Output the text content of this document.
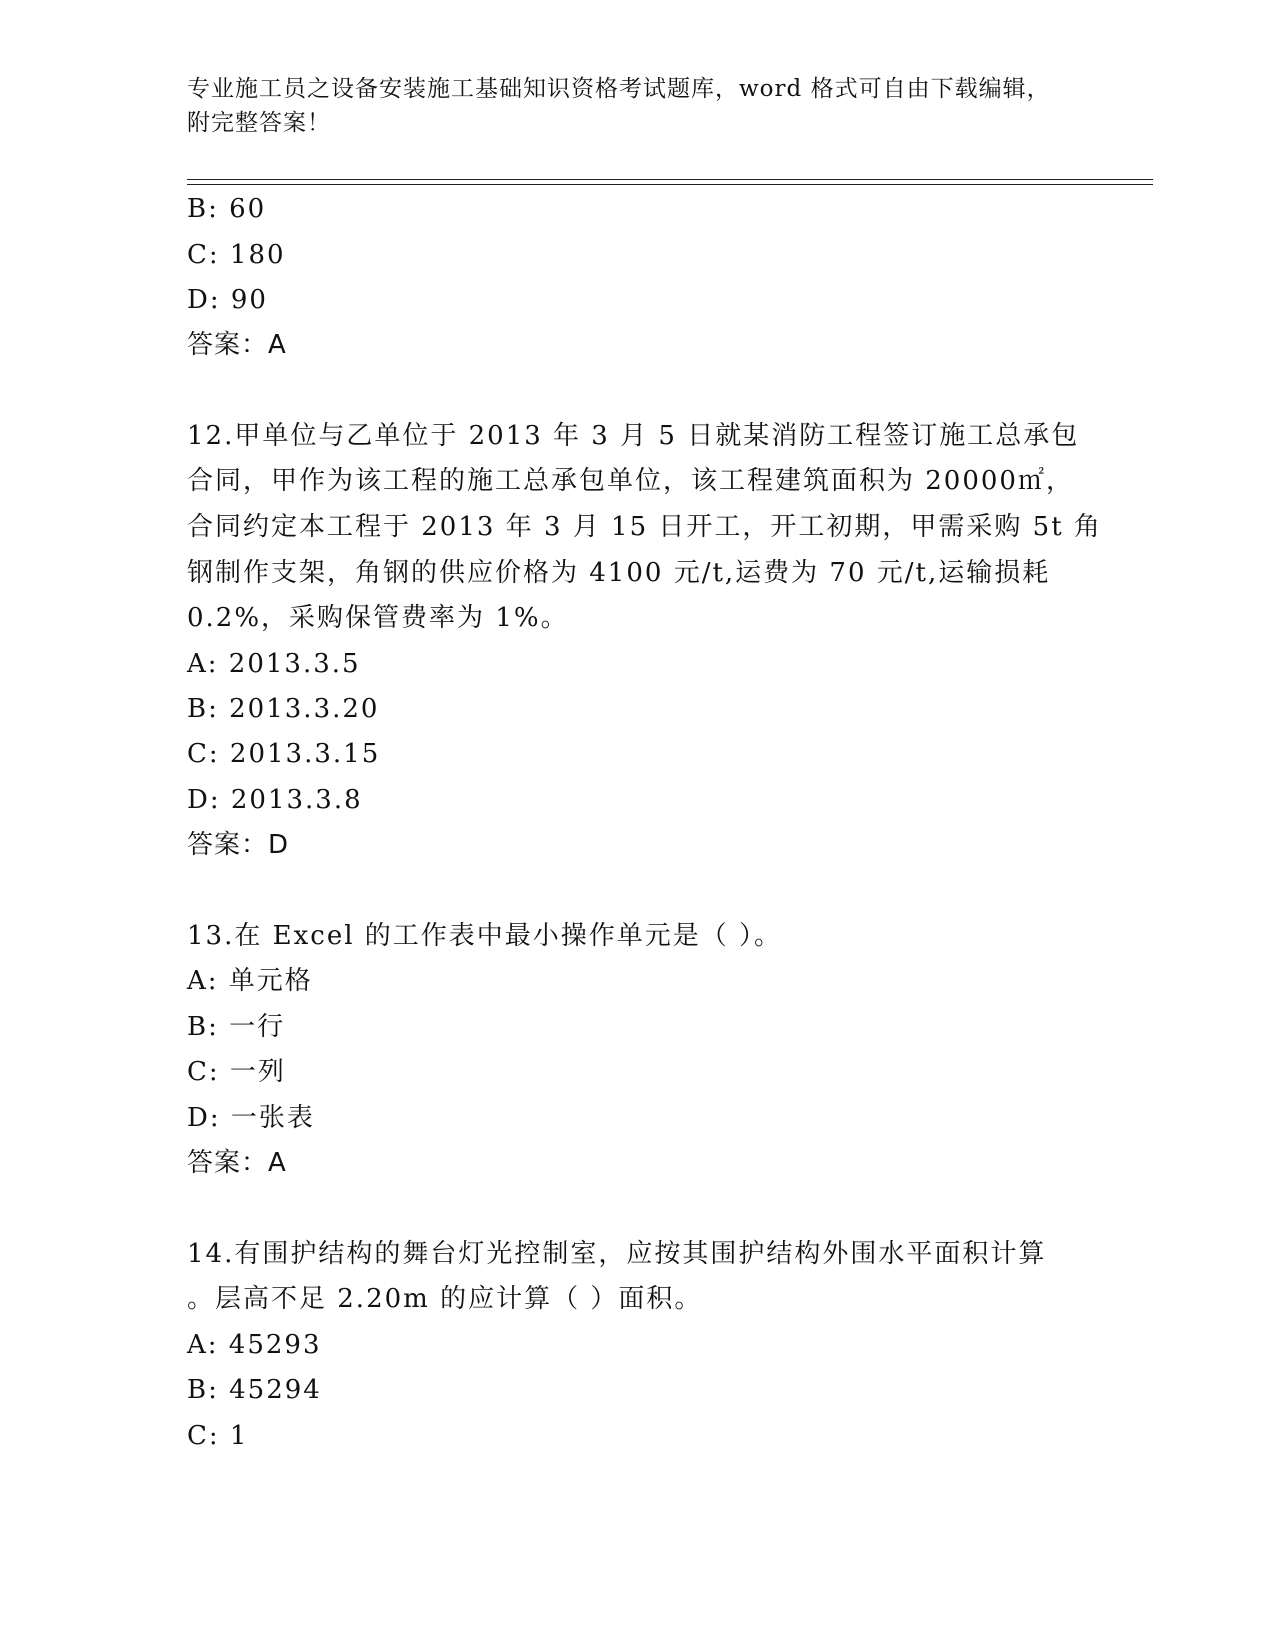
专业施工员之设备安装施工基础知识资格考试题库，word 格式可自由下载编辑，
附完整答案！
B: 60
C: 180
D: 90
答案：A
12.甲单位与乙单位于 2013 年 3 月 5 日就某消防工程签订施工总承包
合同，甲作为该工程的施工总承包单位，该工程建筑面积为 20000㎡，
合同约定本工程于 2013 年 3 月 15 日开工，开工初期，甲需采购 5t 角
钢制作支架，角钢的供应价格为 4100 元/t,运费为 70 元/t,运输损耗
0.2%，采购保管费率为 1%。
A: 2013.3.5
B: 2013.3.20
C: 2013.3.15
D: 2013.3.8
答案：D
13.在 Excel 的工作表中最小操作单元是（ ）。
A: 单元格
B: 一行
C: 一列
D: 一张表
答案：A
14.有围护结构的舞台灯光控制室，应按其围护结构外围水平面积计算
。层高不足 2.20m 的应计算（ ）面积。
A: 45293
B: 45294
C: 1
